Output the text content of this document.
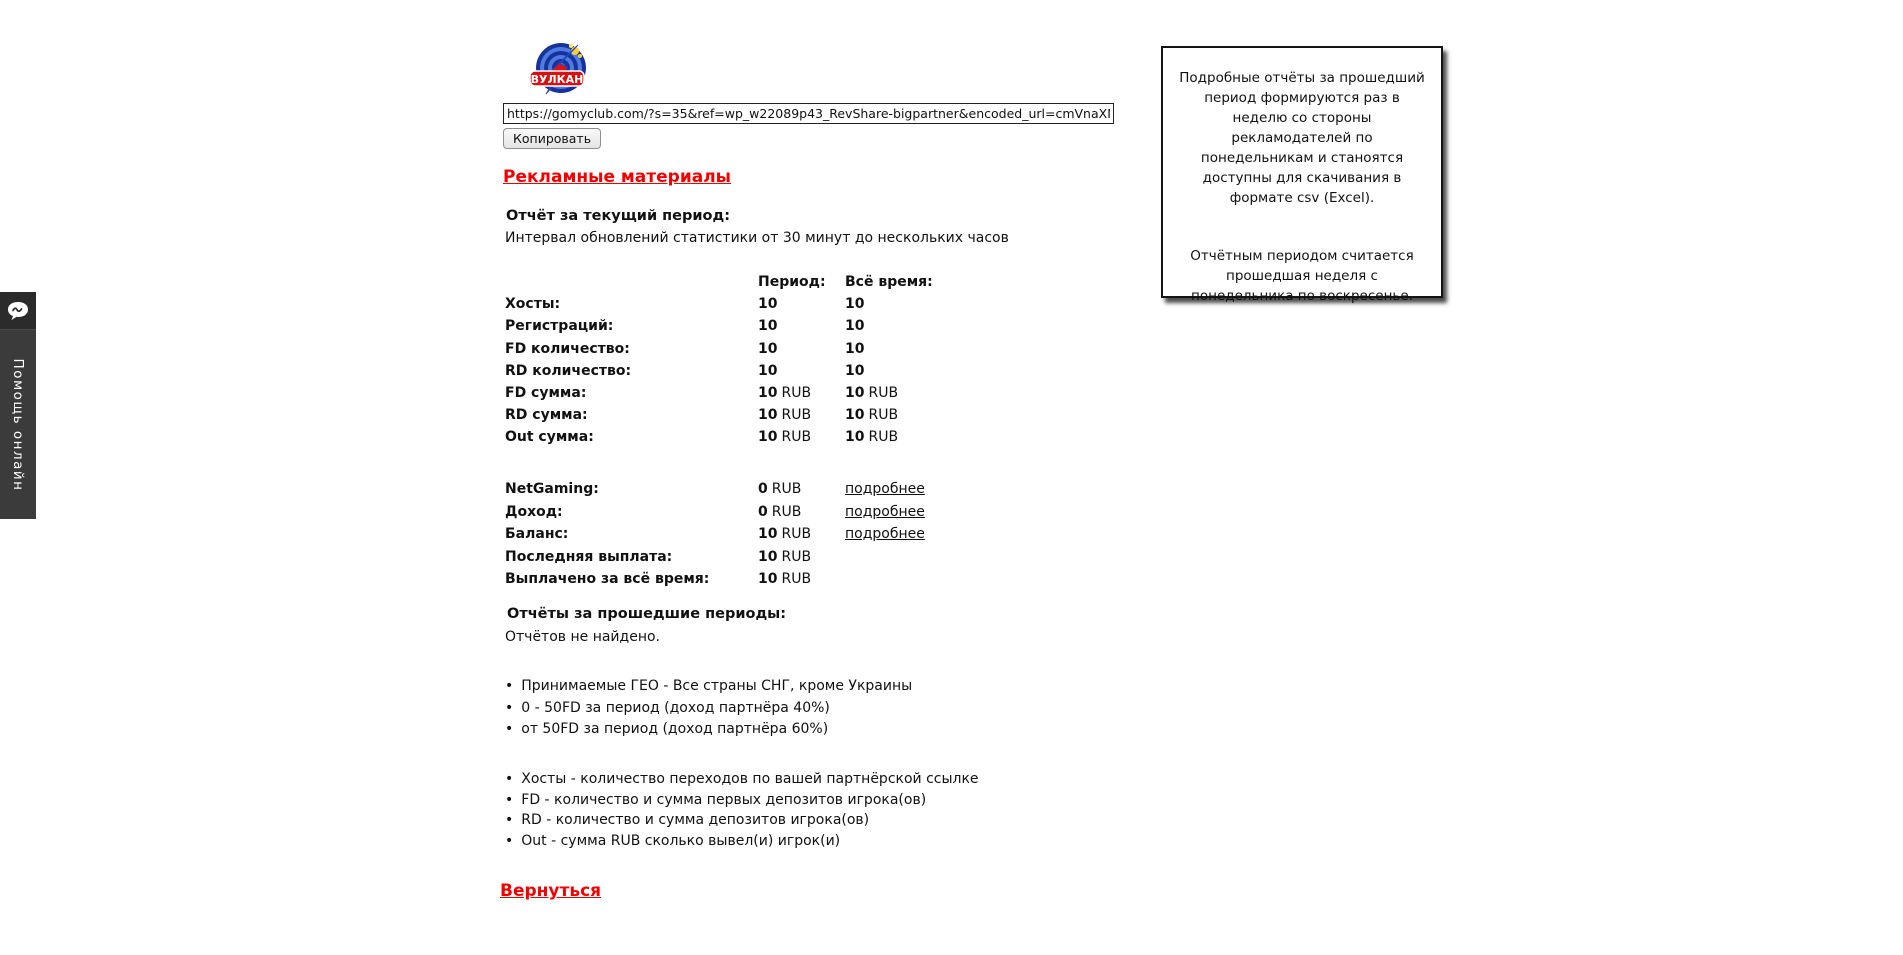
ВУЛКАН
https://gomyclub.com/?s=35&ref=wp_w22089p43_RevShare-bigpartner&encoded_url=cmVnaXN
Копировать
Рекламные материалы
Отчёт за текущий период:
Интервал обновлений статистики от 30 минут до нескольких часов
Период:	Всё время:
Хосты:	10	10
Регистраций:	10	10
FD количество:	10	10
RD количество:	10	10
FD сумма:	10 RUB	10 RUB
RD сумма:	10 RUB	10 RUB
Out сумма:	10 RUB	10 RUB
NetGaming:	0 RUB	подробнее
Доход:	0 RUB	подробнее
Баланс:	10 RUB	подробнее
Последняя выплата:	10 RUB
Выплачено за всё время:	10 RUB
Отчёты за прошедшие периоды:
Отчётов не найдено.
• Принимаемые ГЕО - Все страны СНГ, кроме Украины
• 0 - 50FD за период (доход партнёра 40%)
• от 50FD за период (доход партнёра 60%)
• Хосты - количество переходов по вашей партнёрской ссылке
• FD - количество и сумма первых депозитов игрока(ов)
• RD - количество и сумма депозитов игрока(ов)
• Out - сумма RUB сколько вывел(и) игрок(и)
Вернуться

Подробные отчёты за прошедший период формируются раз в неделю со стороны рекламодателей по понедельникам и станоятся доступны для скачивания в формате csv (Excel).

Отчётным периодом считается прошедшая неделя с понедельника по воскресенье.

Помощь онлайн
